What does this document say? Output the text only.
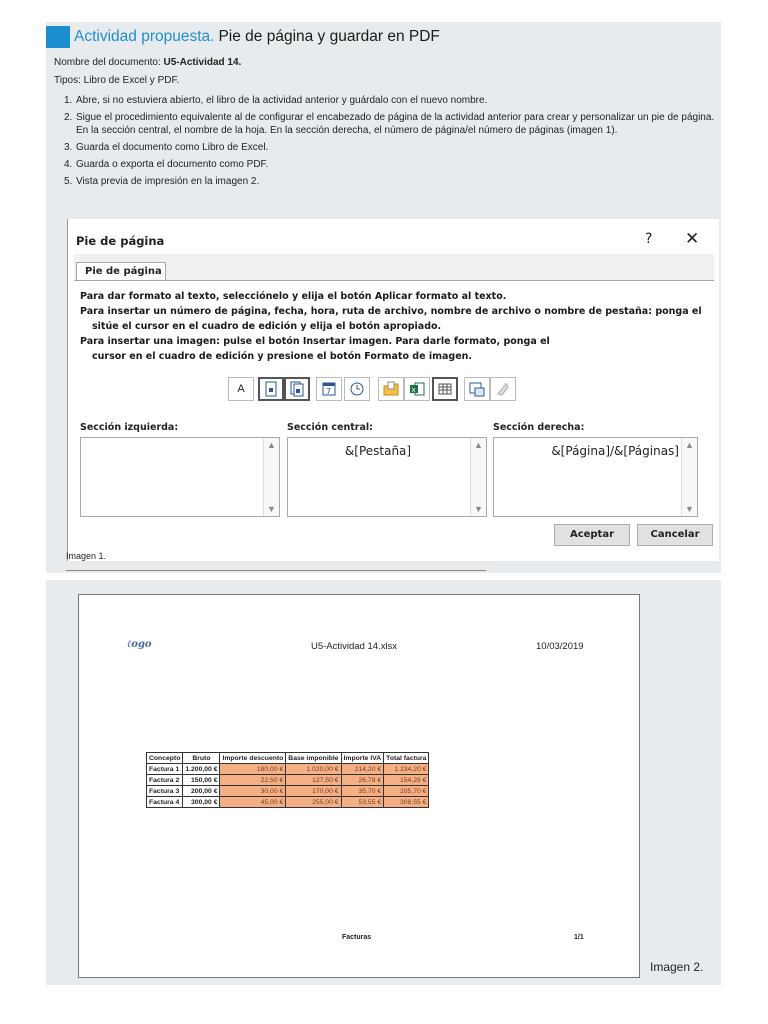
Actividad propuesta. Pie de página y guardar en PDF
Nombre del documento: U5-Actividad 14.
Tipos: Libro de Excel y PDF.
1. Abre, si no estuviera abierto, el libro de la actividad anterior y guárdalo con el nuevo nombre.
2. Sigue el procedimiento equivalente al de configurar el encabezado de página de la actividad anterior para crear y personalizar un pie de página. En la sección central, el nombre de la hoja. En la sección derecha, el número de página/el número de páginas (imagen 1).
3. Guarda el documento como Libro de Excel.
4. Guarda o exporta el documento como PDF.
5. Vista previa de impresión en la imagen 2.
Pie de página	? ✕
Pie de página
Para dar formato al texto, selecciónelo y elija el botón Aplicar formato al texto.
Para insertar un número de página, fecha, hora, ruta de archivo, nombre de archivo o nombre de pestaña: ponga el
sitúe el cursor en el cuadro de edición y elija el botón apropiado.
Para insertar una imagen: pulse el botón Insertar imagen. Para darle formato, ponga el
cursor en el cuadro de edición y presione el botón Formato de imagen.
A	7	x
Sección izquierda:	Sección central:	Sección derecha:
▲
▼
&[Pestaña]	▲
▼
&[Página]/&[Páginas] ▲
▼
Aceptar	Cancelar
Imagen 1.
ℓogo	U5-Actividad 14.xlsx	10/03/2019
Concepto	Bruto	Importe descuento	Base imponible	Importe IVA	Total factura
Factura 1	1.200,00 €	180,00 €	1.020,00 €	214,20 €	1.234,20 €
Factura 2	150,00 €	22,50 €	127,50 €	26,78 €	154,28 €
Factura 3	200,00 €	30,00 €	170,00 €	35,70 €	205,70 €
Factura 4	300,00 €	45,00 €	255,00 €	53,55 €	308,55 €
Facturas	1/1
Imagen 2.
